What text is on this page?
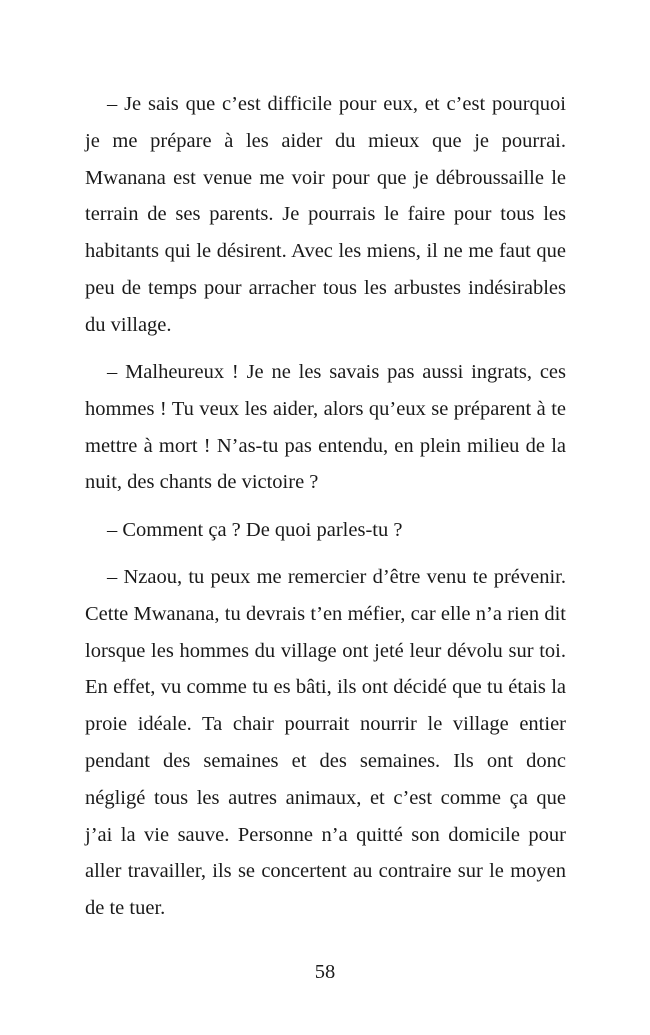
– Je sais que c’est difficile pour eux, et c’est pourquoi je me prépare à les aider du mieux que je pourrai. Mwanana est venue me voir pour que je débroussaille le terrain de ses parents. Je pourrais le faire pour tous les habitants qui le désirent. Avec les miens, il ne me faut que peu de temps pour arracher tous les arbustes indésirables du village.

– Malheureux ! Je ne les savais pas aussi ingrats, ces hommes ! Tu veux les aider, alors qu’eux se préparent à te mettre à mort ! N’as-tu pas entendu, en plein milieu de la nuit, des chants de victoire ?

– Comment ça ? De quoi parles-tu ?

– Nzaou, tu peux me remercier d’être venu te prévenir. Cette Mwanana, tu devrais t’en méfier, car elle n’a rien dit lorsque les hommes du village ont jeté leur dévolu sur toi. En effet, vu comme tu es bâti, ils ont décidé que tu étais la proie idéale. Ta chair pourrait nourrir le village entier pendant des semaines et des semaines. Ils ont donc négligé tous les autres animaux, et c’est comme ça que j’ai la vie sauve. Personne n’a quitté son domicile pour aller travailler, ils se concertent au contraire sur le moyen de te tuer.

58
